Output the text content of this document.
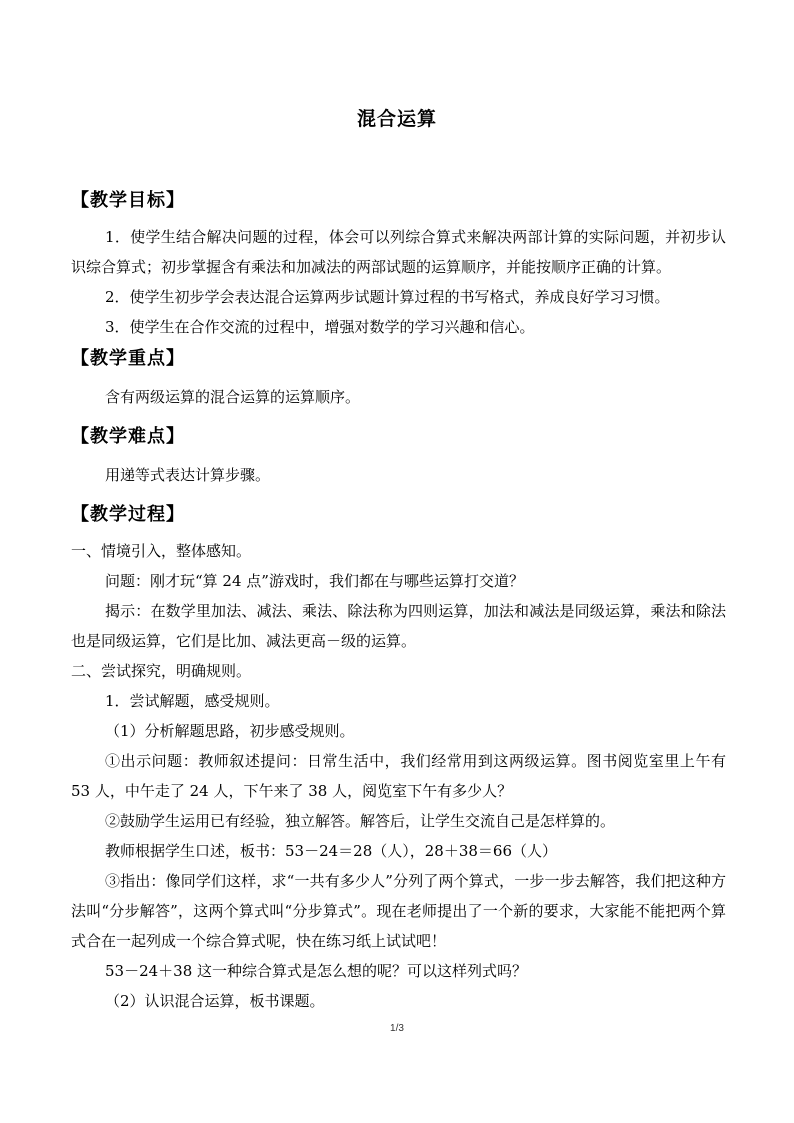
混合运算
【教学目标】

1．使学生结合解决问题的过程，体会可以列综合算式来解决两部计算的实际问题，并初步认识综合算式；初步掌握含有乘法和加减法的两部试题的运算顺序，并能按顺序正确的计算。

2．使学生初步学会表达混合运算两步试题计算过程的书写格式，养成良好学习习惯。

3．使学生在合作交流的过程中，增强对数学的学习兴趣和信心。

【教学重点】

含有两级运算的混合运算的运算顺序。

【教学难点】

用递等式表达计算步骤。

【教学过程】

一、情境引入，整体感知。

问题：刚才玩“算 24 点”游戏时，我们都在与哪些运算打交道？

揭示：在数学里加法、减法、乘法、除法称为四则运算，加法和减法是同级运算，乘法和除法也是同级运算，它们是比加、减法更高－级的运算。

二、尝试探究，明确规则。

1．尝试解题，感受规则。

（1）分析解题思路，初步感受规则。

①出示问题：教师叙述提问：日常生活中，我们经常用到这两级运算。图书阅览室里上午有 53 人，中午走了 24 人，下午来了 38 人，阅览室下午有多少人？

②鼓励学生运用已有经验，独立解答。解答后，让学生交流自己是怎样算的。

教师根据学生口述，板书：53－24＝28（人），28＋38＝66（人）

③指出：像同学们这样，求“一共有多少人”分列了两个算式，一步一步去解答，我们把这种方法叫“分步解答”，这两个算式叫“分步算式”。现在老师提出了一个新的要求，大家能不能把两个算式合在一起列成一个综合算式呢，快在练习纸上试试吧！

53－24＋38 这一种综合算式是怎么想的呢？可以这样列式吗？

（2）认识混合运算，板书课题。

1/3
